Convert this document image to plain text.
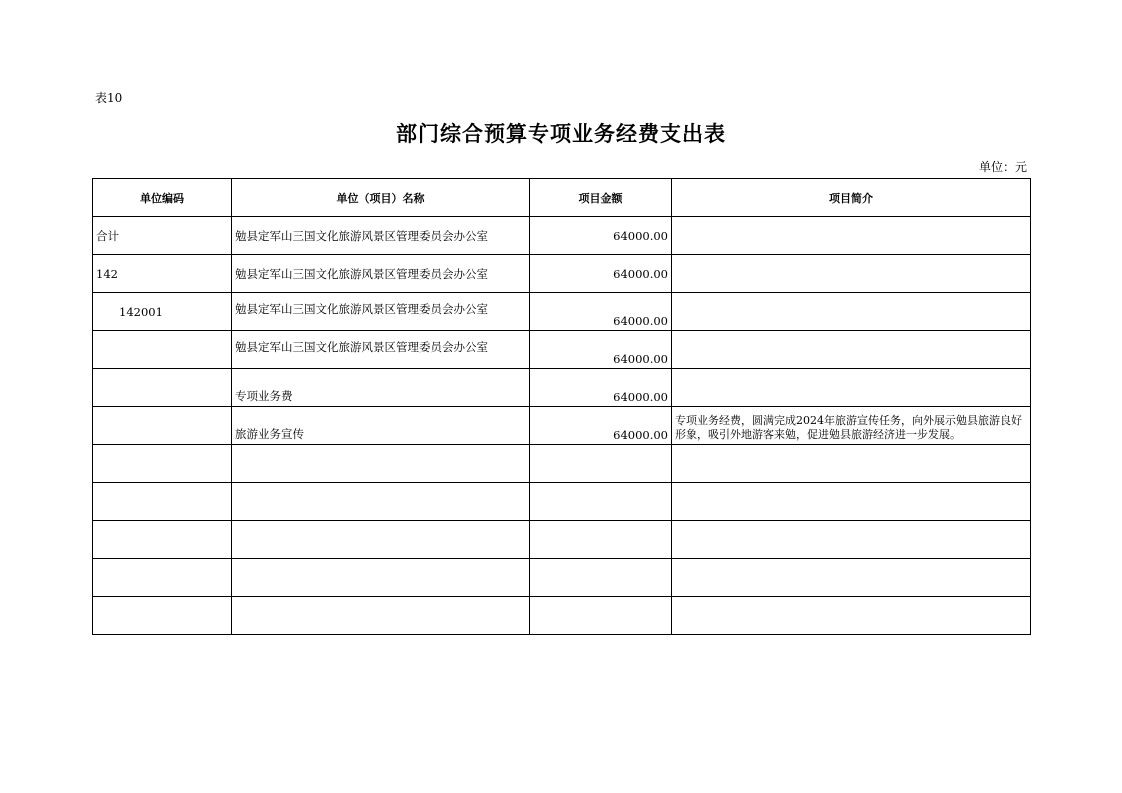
表10
部门综合预算专项业务经费支出表
单位：元
单位编码	单位（项目）名称	项目金额	项目简介
合计	勉县定军山三国文化旅游风景区管理委员会办公室	64000.00	
142	勉县定军山三国文化旅游风景区管理委员会办公室	64000.00	
142001	勉县定军山三国文化旅游风景区管理委员会办公室	64000.00	
	勉县定军山三国文化旅游风景区管理委员会办公室	64000.00	
	专项业务费	64000.00	
	旅游业务宣传	64000.00	专项业务经费，圆满完成2024年旅游宣传任务，向外展示勉县旅游良好形象，吸引外地游客来勉，促进勉县旅游经济进一步发展。
